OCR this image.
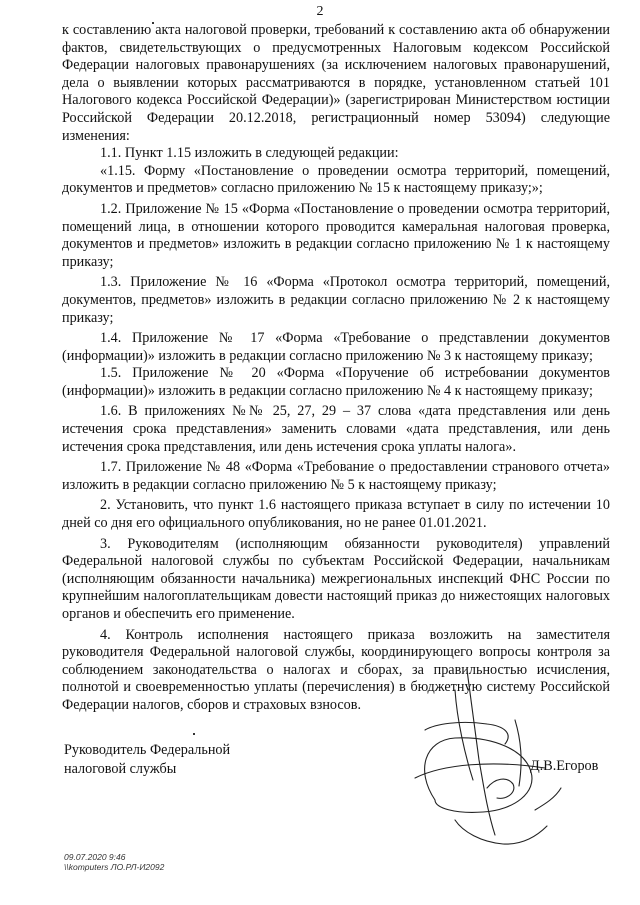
2

к составлению акта налоговой проверки, требований к составлению акта об обнаружении фактов, свидетельствующих о предусмотренных Налоговым кодексом Российской Федерации налоговых правонарушениях (за исключением налоговых правонарушений, дела о выявлении которых рассматриваются в порядке, установленном статьей 101 Налогового кодекса Российской Федерации)» (зарегистрирован Министерством юстиции Российской Федерации 20.12.2018, регистрационный номер 53094) следующие изменения:

1.1. Пункт 1.15 изложить в следующей редакции:

«1.15. Форму «Постановление о проведении осмотра территорий, помещений, документов и предметов» согласно приложению № 15 к настоящему приказу;»;

1.2. Приложение № 15 «Форма «Постановление о проведении осмотра территорий, помещений лица, в отношении которого проводится камеральная налоговая проверка, документов и предметов» изложить в редакции согласно приложению № 1 к настоящему приказу;

1.3. Приложение № 16 «Форма «Протокол осмотра территорий, помещений, документов, предметов» изложить в редакции согласно приложению № 2 к настоящему приказу;

1.4. Приложение № 17 «Форма «Требование о представлении документов (информации)» изложить в редакции согласно приложению № 3 к настоящему приказу;

1.5. Приложение № 20 «Форма «Поручение об истребовании документов (информации)» изложить в редакции согласно приложению № 4 к настоящему приказу;

1.6. В приложениях №№ 25, 27, 29 – 37 слова «дата представления или день истечения срока представления» заменить словами «дата представления, или день истечения срока представления, или день истечения срока уплаты налога».

1.7. Приложение № 48 «Форма «Требование о предоставлении странового отчета» изложить в редакции согласно приложению № 5 к настоящему приказу;

2. Установить, что пункт 1.6 настоящего приказа вступает в силу по истечении 10 дней со дня его официального опубликования, но не ранее 01.01.2021.

3. Руководителям (исполняющим обязанности руководителя) управлений Федеральной налоговой службы по субъектам Российской Федерации, начальникам (исполняющим обязанности начальника) межрегиональных инспекций ФНС России по крупнейшим налогоплательщикам довести настоящий приказ до нижестоящих налоговых органов и обеспечить его применение.

4. Контроль исполнения настоящего приказа возложить на заместителя руководителя Федеральной налоговой службы, координирующего вопросы контроля за соблюдением законодательства о налогах и сборах, за правильностью исчисления, полнотой и своевременностью уплаты (перечисления) в бюджетную систему Российской Федерации налогов, сборов и страховых взносов.

Руководитель Федеральной
налоговой службы	Д.В.Егоров
09.07.2020 9:46
\\komputers ЛО.РЛ-И2092
